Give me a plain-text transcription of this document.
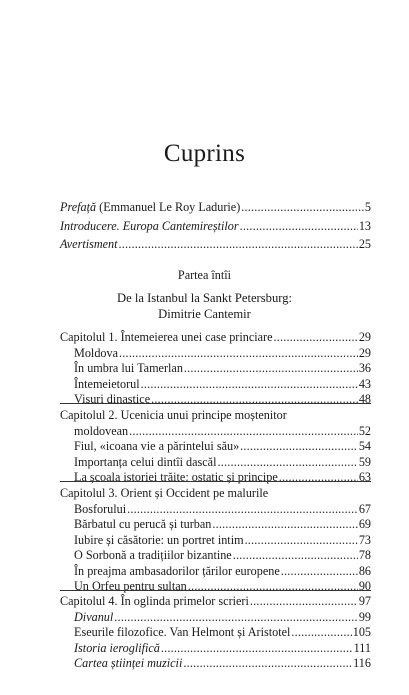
Cuprins
Prefață (Emmanuel Le Roy Ladurie) .....	5
Introducere. Europa Cantemireștilor .....	13
Avertisment .....	25
Partea întîi
De la Istanbul la Sankt Petersburg:
Dimitrie Cantemir
Capitolul 1. Întemeierea unei case princiare .....	29
Moldova .....	29
În umbra lui Tamerlan .....	36
Întemeietorul .....	43
Visuri dinastice .....	48
Capitolul 2. Ucenicia unui principe moștenitor
moldovean .....	52
Fiul, «icoana vie a părintelui său» .....	54
Importanța celui dintîi dascăl .....	59
La școala istoriei trăite: ostatic și principe .....	63
Capitolul 3. Orient și Occident pe malurile
Bosforului .....	67
Bărbatul cu perucă și turban .....	69
Iubire și căsătorie: un portret intim .....	73
O Sorbonă a tradițiilor bizantine .....	78
În preajma ambasadorilor țărilor europene .....	86
Un Orfeu pentru sultan .....	90
Capitolul 4. În oglinda primelor scrieri .....	97
Divanul .....	99
Eseurile filozofice. Van Helmont și Aristotel .....	105
Istoria ieroglifică .....	111
Cartea științei muzicii .....	116
